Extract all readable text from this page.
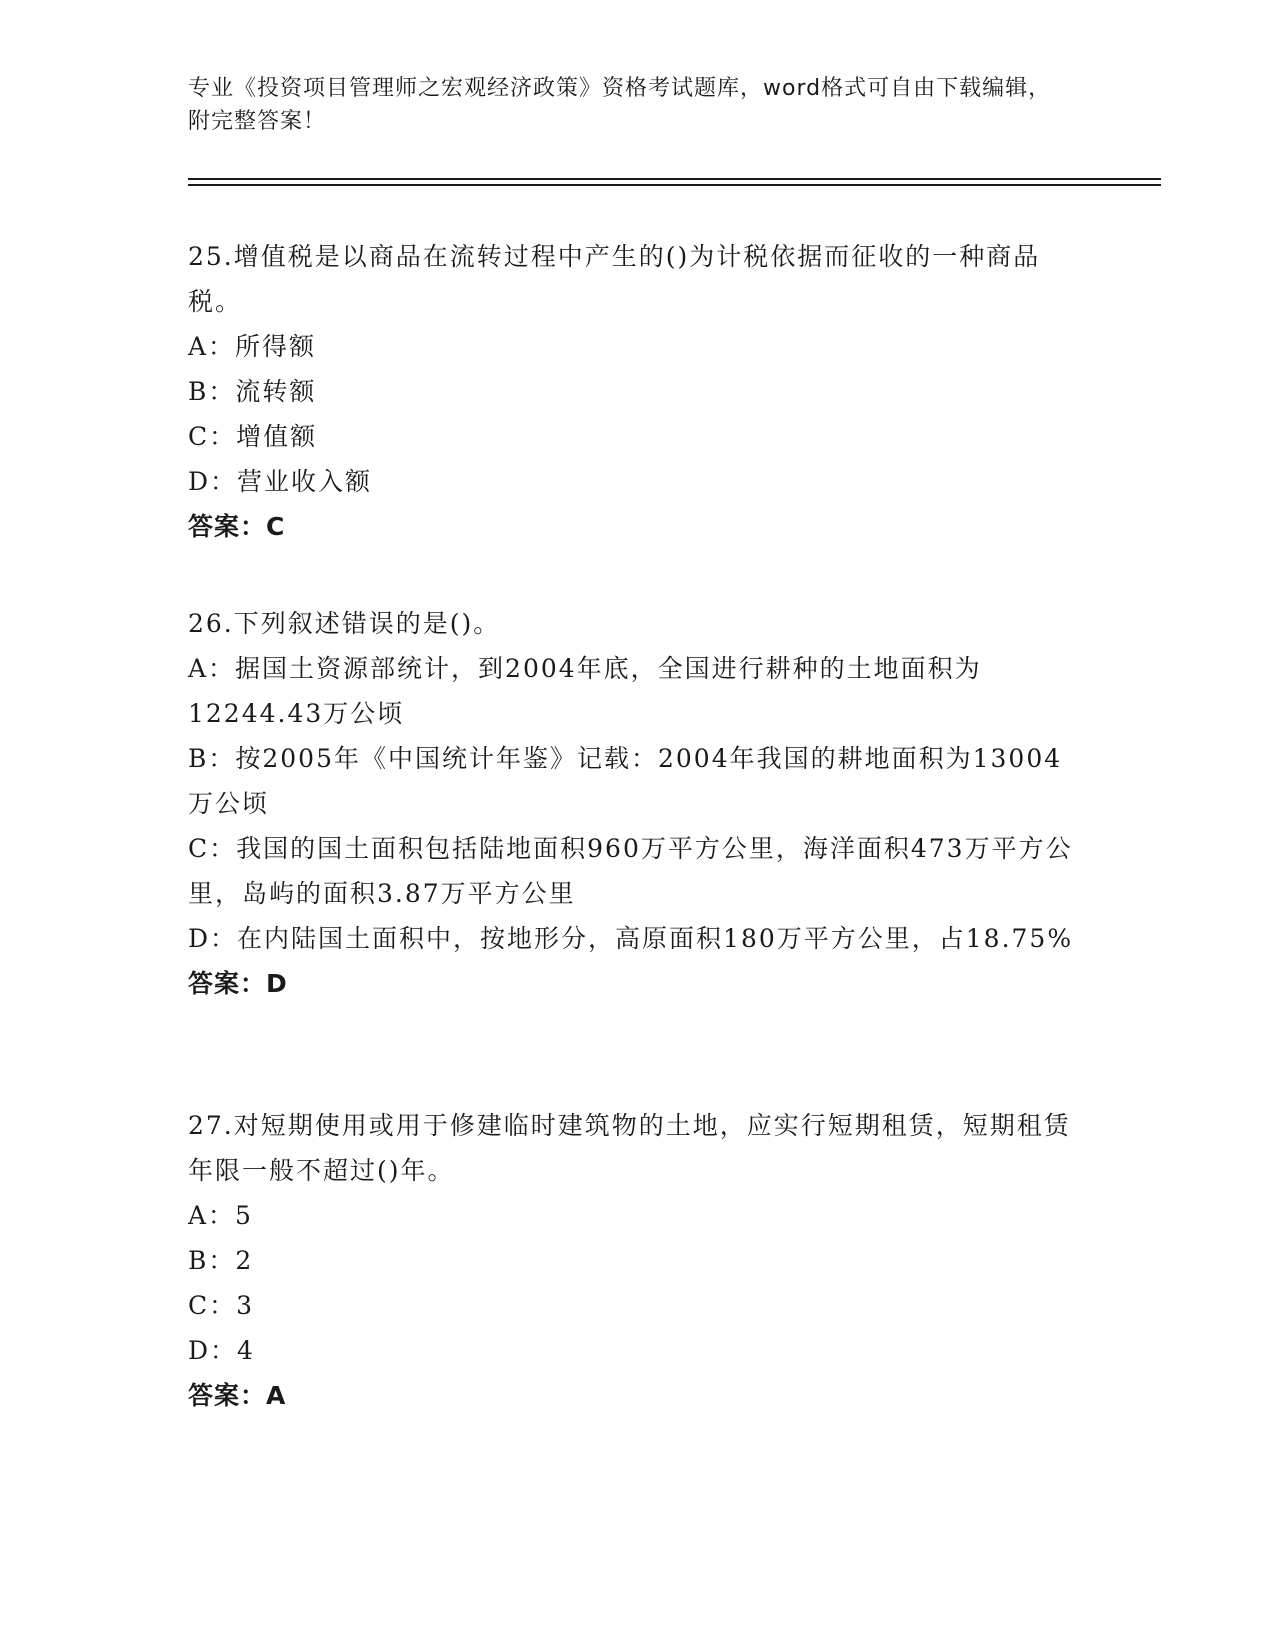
专业《投资项目管理师之宏观经济政策》资格考试题库，word格式可自由下载编辑，附完整答案！

25.增值税是以商品在流转过程中产生的()为计税依据而征收的一种商品税。

A：所得额

B：流转额

C：增值额

D：营业收入额

答案：C

26.下列叙述错误的是()。

A：据国土资源部统计，到2004年底，全国进行耕种的土地面积为12244.43万公顷

B：按2005年《中国统计年鉴》记载：2004年我国的耕地面积为13004万公顷

C：我国的国土面积包括陆地面积960万平方公里，海洋面积473万平方公里，岛屿的面积3.87万平方公里

D：在内陆国土面积中，按地形分，高原面积180万平方公里，占18.75%

答案：D

27.对短期使用或用于修建临时建筑物的土地，应实行短期租赁，短期租赁年限一般不超过()年。

A：5

B：2

C：3

D：4

答案：A
